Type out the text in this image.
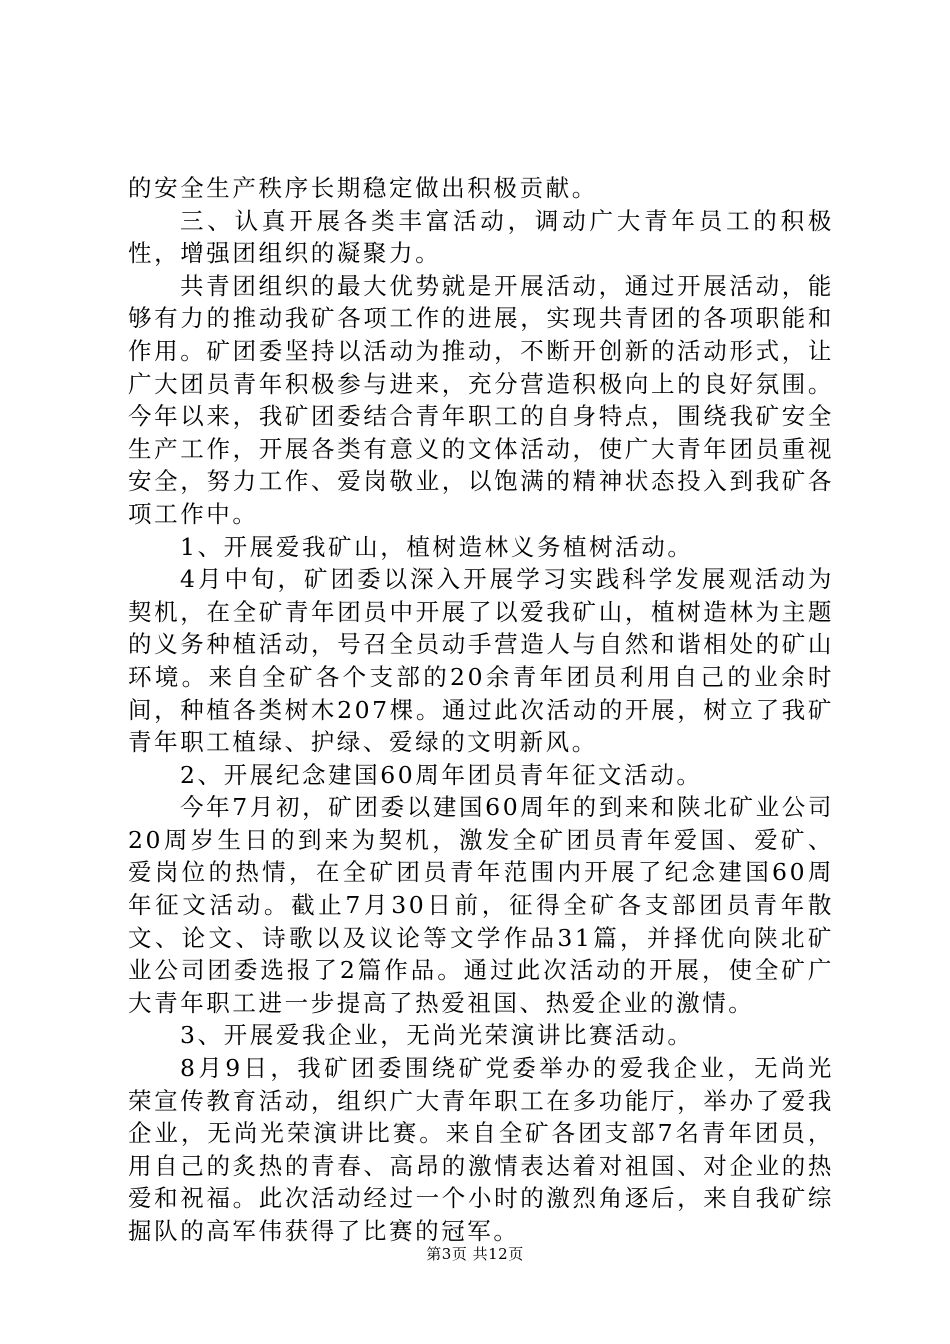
的安全生产秩序长期稳定做出积极贡献。

三、认真开展各类丰富活动，调动广大青年员工的积极性，增强团组织的凝聚力。

共青团组织的最大优势就是开展活动，通过开展活动，能够有力的推动我矿各项工作的进展，实现共青团的各项职能和作用。矿团委坚持以活动为推动，不断开创新的活动形式，让广大团员青年积极参与进来，充分营造积极向上的良好氛围。今年以来，我矿团委结合青年职工的自身特点，围绕我矿安全生产工作，开展各类有意义的文体活动，使广大青年团员重视安全，努力工作、爱岗敬业，以饱满的精神状态投入到我矿各项工作中。

1、开展爱我矿山，植树造林义务植树活动。

4月中旬，矿团委以深入开展学习实践科学发展观活动为契机，在全矿青年团员中开展了以爱我矿山，植树造林为主题的义务种植活动，号召全员动手营造人与自然和谐相处的矿山环境。来自全矿各个支部的20余青年团员利用自己的业余时间，种植各类树木207棵。通过此次活动的开展，树立了我矿青年职工植绿、护绿、爱绿的文明新风。

2、开展纪念建国60周年团员青年征文活动。

今年7月初，矿团委以建国60周年的到来和陕北矿业公司20周岁生日的到来为契机，激发全矿团员青年爱国、爱矿、爱岗位的热情，在全矿团员青年范围内开展了纪念建国60周年征文活动。截止7月30日前，征得全矿各支部团员青年散文、论文、诗歌以及议论等文学作品31篇，并择优向陕北矿业公司团委选报了2篇作品。通过此次活动的开展，使全矿广大青年职工进一步提高了热爱祖国、热爱企业的激情。

3、开展爱我企业，无尚光荣演讲比赛活动。

8月9日，我矿团委围绕矿党委举办的爱我企业，无尚光荣宣传教育活动，组织广大青年职工在多功能厅，举办了爱我企业，无尚光荣演讲比赛。来自全矿各团支部7名青年团员，用自己的炙热的青春、高昂的激情表达着对祖国、对企业的热爱和祝福。此次活动经过一个小时的激烈角逐后，来自我矿综掘队的高军伟获得了比赛的冠军。

第3页 共12页
